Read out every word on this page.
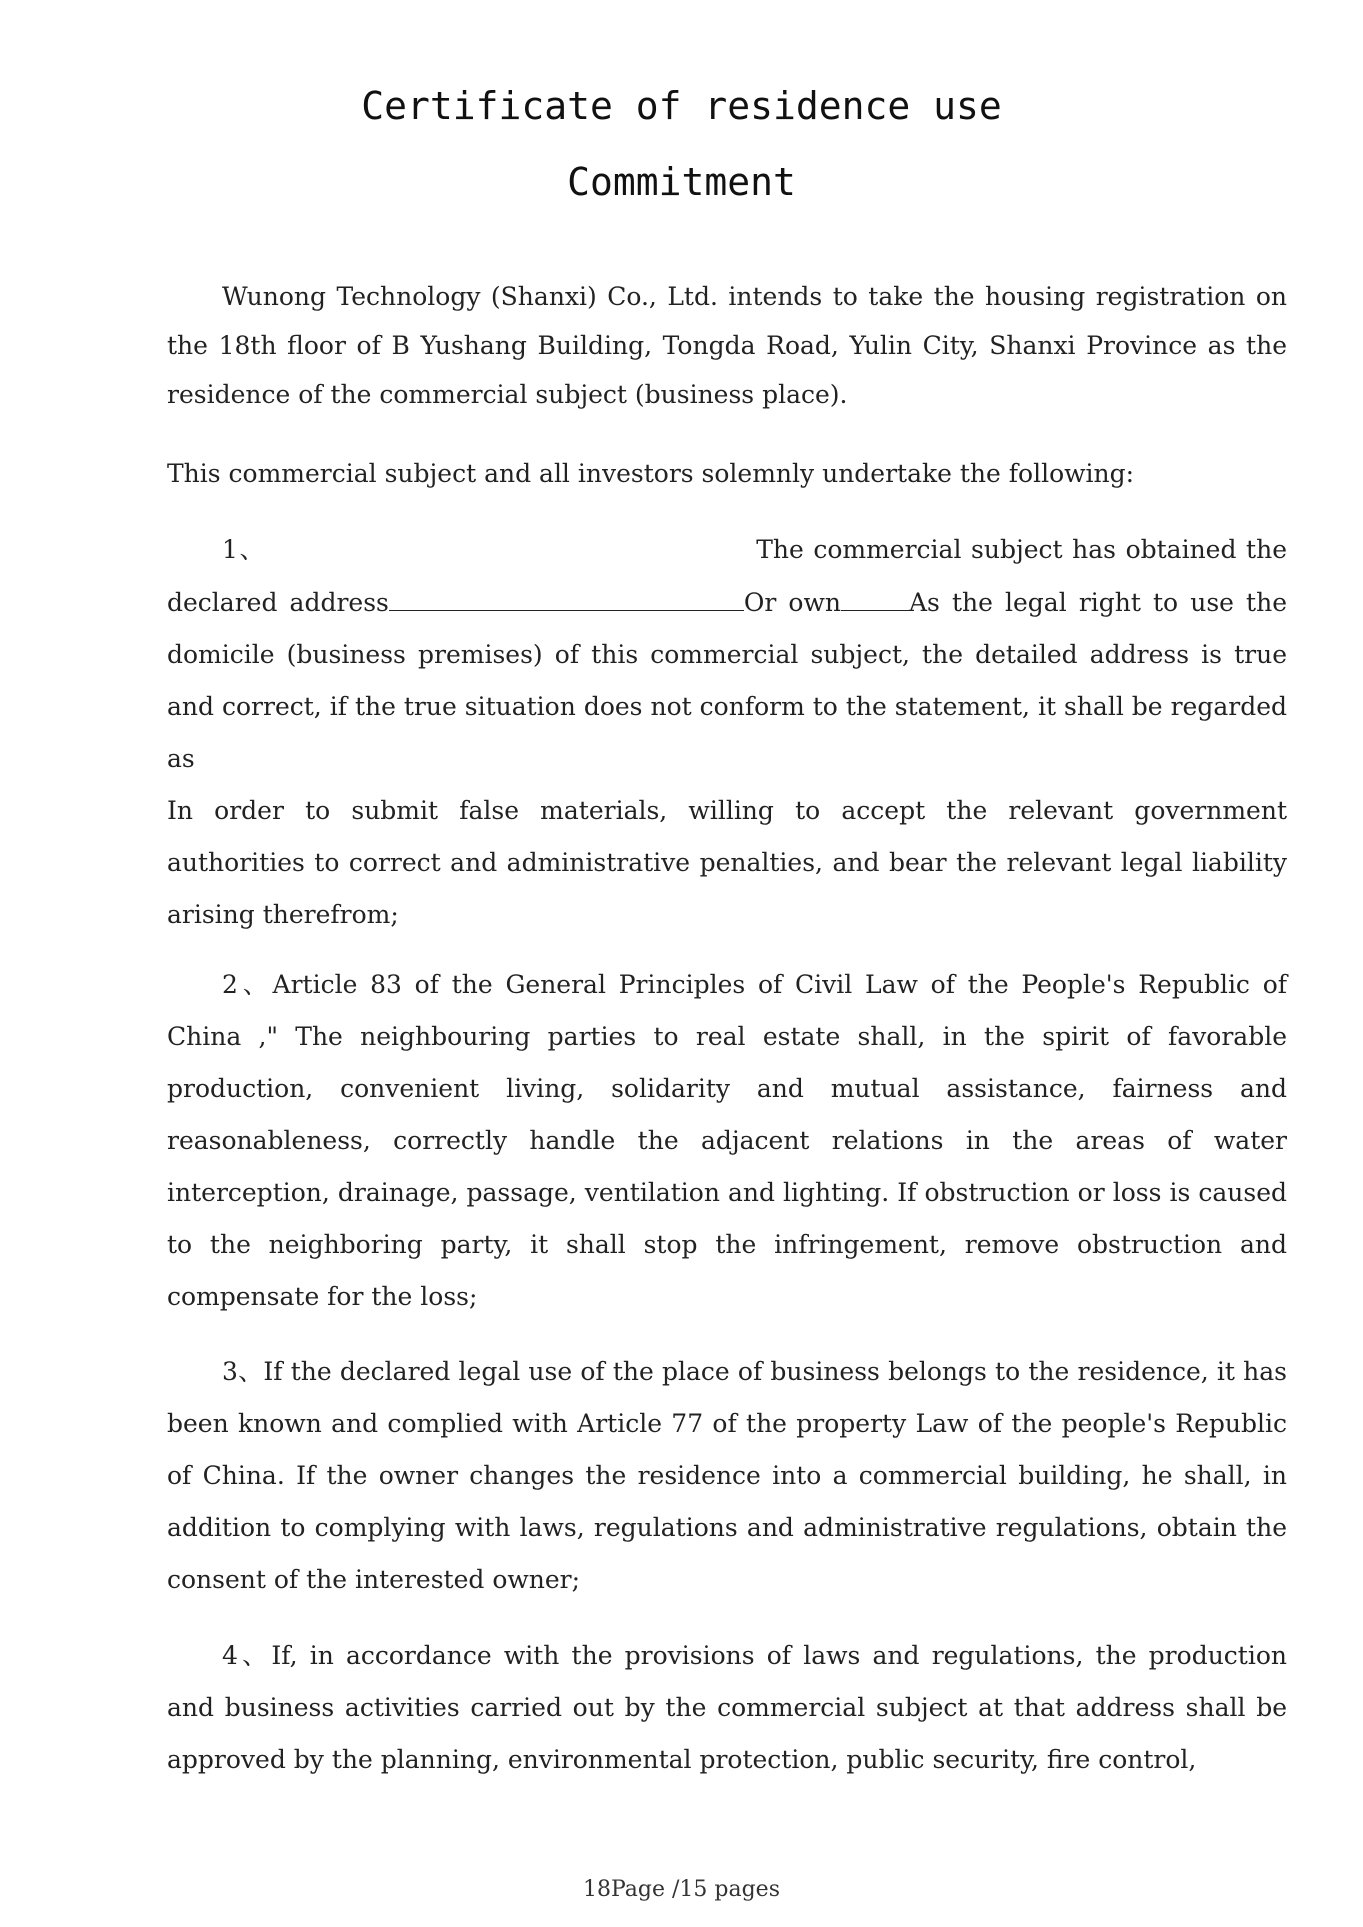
Certificate of residence use
Commitment
Wunong Technology (Shanxi) Co., Ltd. intends to take the housing registration on the 18th floor of B Yushang Building, Tongda Road, Yulin City, Shanxi Province as the residence of the commercial subject (business place).
This commercial subject and all investors solemnly undertake the following:
1、	The commercial subject has obtained the declared address	Or own	As the legal right to use the domicile (business premises) of this commercial subject, the detailed address is true and correct, if the true situation does not conform to the statement, it shall be regarded as
In order to submit false materials, willing to accept the relevant government authorities to correct and administrative penalties, and bear the relevant legal liability arising therefrom;
2、Article 83 of the General Principles of Civil Law of the People's Republic of China ," The neighbouring parties to real estate shall, in the spirit of favorable production, convenient living, solidarity and mutual assistance, fairness and reasonableness, correctly handle the adjacent relations in the areas of water interception, drainage, passage, ventilation and lighting. If obstruction or loss is caused to the neighboring party, it shall stop the infringement, remove obstruction and compensate for the loss;
3、If the declared legal use of the place of business belongs to the residence, it has been known and complied with Article 77 of the property Law of the people's Republic of China. If the owner changes the residence into a commercial building, he shall, in addition to complying with laws, regulations and administrative regulations, obtain the consent of the interested owner;
4、If, in accordance with the provisions of laws and regulations, the production and business activities carried out by the commercial subject at that address shall be approved by the planning, environmental protection, public security, fire control,
18Page /15 pages
